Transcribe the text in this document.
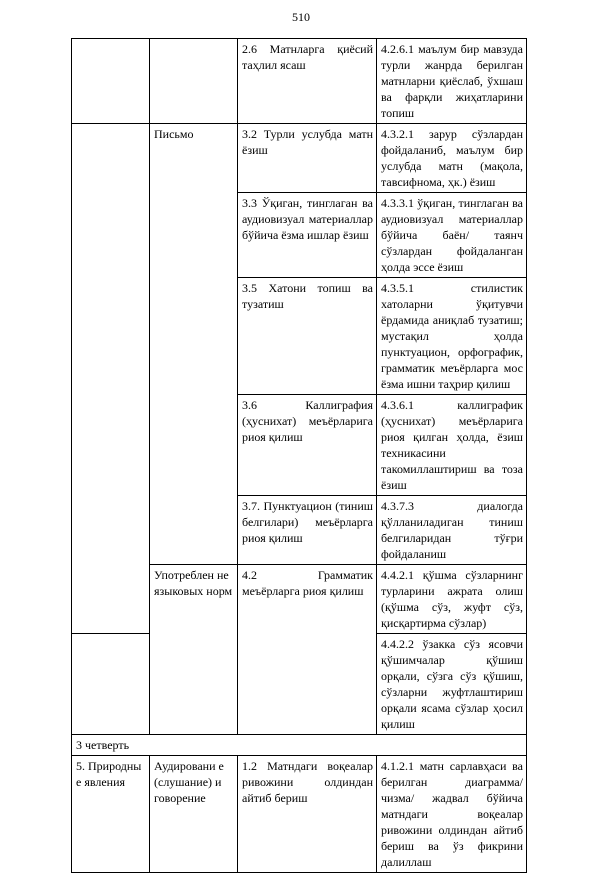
510
		2.6 Матнларга қиёсий таҳлил ясаш	4.2.6.1 маълум бир мавзуда турли жанрда берилган матнларни қиёслаб, ўхшаш ва фарқли жиҳатларини топиш
	Письмо	3.2 Турли услубда матн ёзиш	4.3.2.1 зарур сўзлардан фойдаланиб, маълум бир услубда матн (мақола, тавсифнома, ҳк.) ёзиш
		3.3 Ўқиган, тинглаган ва аудиовизуал материаллар бўйича ёзма ишлар ёзиш	4.3.3.1 ўқиган, тинглаган ва аудиовизуал материаллар бўйича баён/ таянч сўзлардан фойдаланган ҳолда эссе ёзиш
		3.5 Хатони топиш ва тузатиш	4.3.5.1 стилистик хатоларни ўқитувчи ёрдамида аниқлаб тузатиш; мустақил ҳолда пунктуацион, орфографик, грамматик меъёрларга мос ёзма ишни таҳрир қилиш
		3.6 Каллиграфия (ҳуснихат) меъёрларига риоя қилиш	4.3.6.1 каллиграфик (ҳуснихат) меъёрларига риоя қилган ҳолда, ёзиш техникасини такомиллаштириш ва тоза ёзиш
		3.7. Пунктуацион (тиниш белгилари) меъёрларга риоя қилиш	4.3.7.3 диалогда қўлланиладиган тиниш белгиларидан тўғри фойдаланиш
	Употреблен не языковых норм	4.2 Грамматик меъёрларга риоя қилиш	4.4.2.1 қўшма сўзларнинг турларини ажрата олиш (қўшма сўз, жуфт сўз, қисқартирма сўзлар)
			4.4.2.2 ўзакка сўз ясовчи қўшимчалар қўшиш орқали, сўзга сўз қўшиш, сўзларни жуфтлаштириш орқали ясама сўзлар ҳосил қилиш
3 четверть			
5. Природны е явления	Аудировани е (слушание) и говорение	1.2 Матндаги воқеалар ривожини олдиндан айтиб бериш	4.1.2.1 матн сарлавҳаси ва берилган диаграмма/ чизма/ жадвал бўйича матндаги воқеалар ривожини олдиндан айтиб бериш ва ўз фикрини далиллаш
